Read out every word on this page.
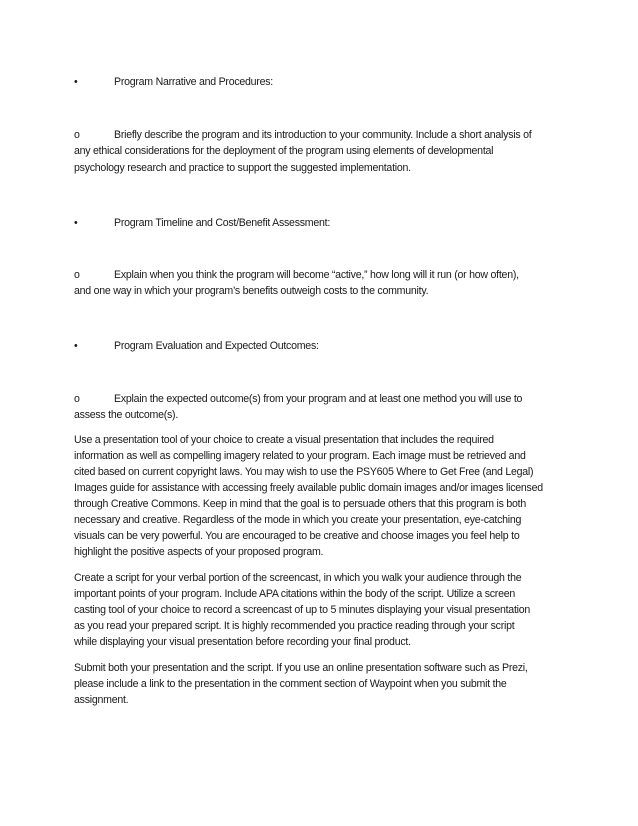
•	Program Narrative and Procedures:
o	Briefly describe the program and its introduction to your community. Include a short analysis of
any ethical considerations for the deployment of the program using elements of developmental
psychology research and practice to support the suggested implementation.
•	Program Timeline and Cost/Benefit Assessment:
o	Explain when you think the program will become “active,” how long will it run (or how often),
and one way in which your program’s benefits outweigh costs to the community.
•	Program Evaluation and Expected Outcomes:
o	Explain the expected outcome(s) from your program and at least one method you will use to
assess the outcome(s).
Use a presentation tool of your choice to create a visual presentation that includes the required
information as well as compelling imagery related to your program. Each image must be retrieved and
cited based on current copyright laws. You may wish to use the PSY605 Where to Get Free (and Legal)
Images guide for assistance with accessing freely available public domain images and/or images licensed
through Creative Commons. Keep in mind that the goal is to persuade others that this program is both
necessary and creative. Regardless of the mode in which you create your presentation, eye-catching
visuals can be very powerful. You are encouraged to be creative and choose images you feel help to
highlight the positive aspects of your proposed program.
Create a script for your verbal portion of the screencast, in which you walk your audience through the
important points of your program. Include APA citations within the body of the script. Utilize a screen
casting tool of your choice to record a screencast of up to 5 minutes displaying your visual presentation
as you read your prepared script. It is highly recommended you practice reading through your script
while displaying your visual presentation before recording your final product.
Submit both your presentation and the script. If you use an online presentation software such as Prezi,
please include a link to the presentation in the comment section of Waypoint when you submit the
assignment.
